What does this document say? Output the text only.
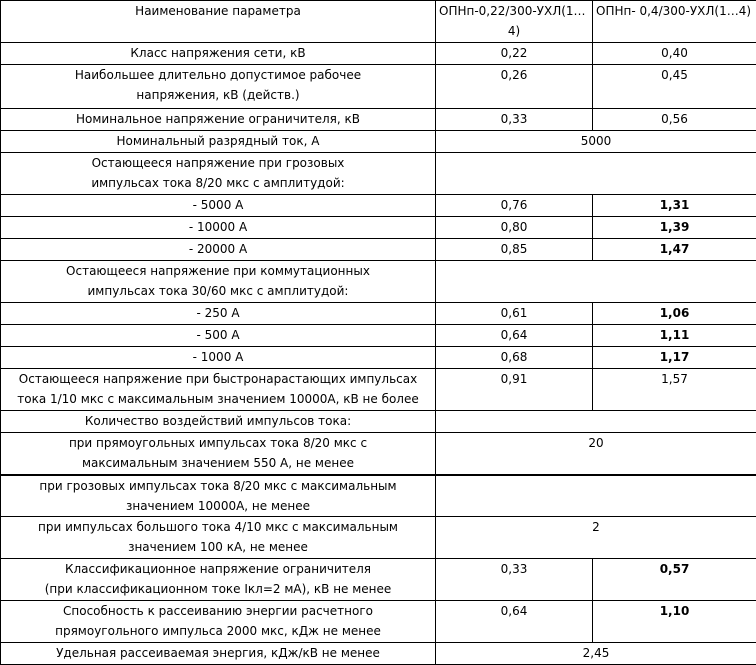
Наименование параметра	ОПНп-0,22/300-УХЛ(1…
4)	ОПНп- 0,4/300-УХЛ(1…4)
Класс напряжения сети, кВ	0,22	0,40

Наибольшее длительно допустимое рабочее
напряжения, кВ (действ.)	0,26	0,45
Номинальное напряжение ограничителя, кВ	0,33	0,56
Номинальный разрядный ток, А	5000	

Остающееся напряжение при грозовых
импульсах тока 8/20 мкс с амплитудой:		

- 5000 А	0,76	1,31
- 10000 А	0,80	1,39
- 20000 А	0,85	1,47

Остающееся напряжение при коммутационных
импульсах тока 30/60 мкс с амплитудой:		

- 250 А	0,61	1,06
- 500 А	0,64	1,11
- 1000 А	0,68	1,17

Остающееся напряжение при быстронарастающих импульсах
тока 1/10 мкс с максимальным значением 10000А, кВ не более	0,91	1,57
Количество воздействий импульсов тока:		

при прямоугольных импульсах тока 8/20 мкс с
максимальным значением 550 А, не менее	20	

при грозовых импульсах тока 8/20 мкс с максимальным
значением 10000А, не менее		

при импульсах большого тока 4/10 мкс с максимальным
значением 100 кА, не менее	2	

Классификационное напряжение ограничителя
(при классификационном токе Ікл=2 мА), кВ не менее	0,33	0,57

Способность к рассеиванию энергии расчетного
прямоугольного импульса 2000 мкс, кДж не менее	0,64	1,10
Удельная рассеиваемая энергия, кДж/кВ не менее	2,45	
